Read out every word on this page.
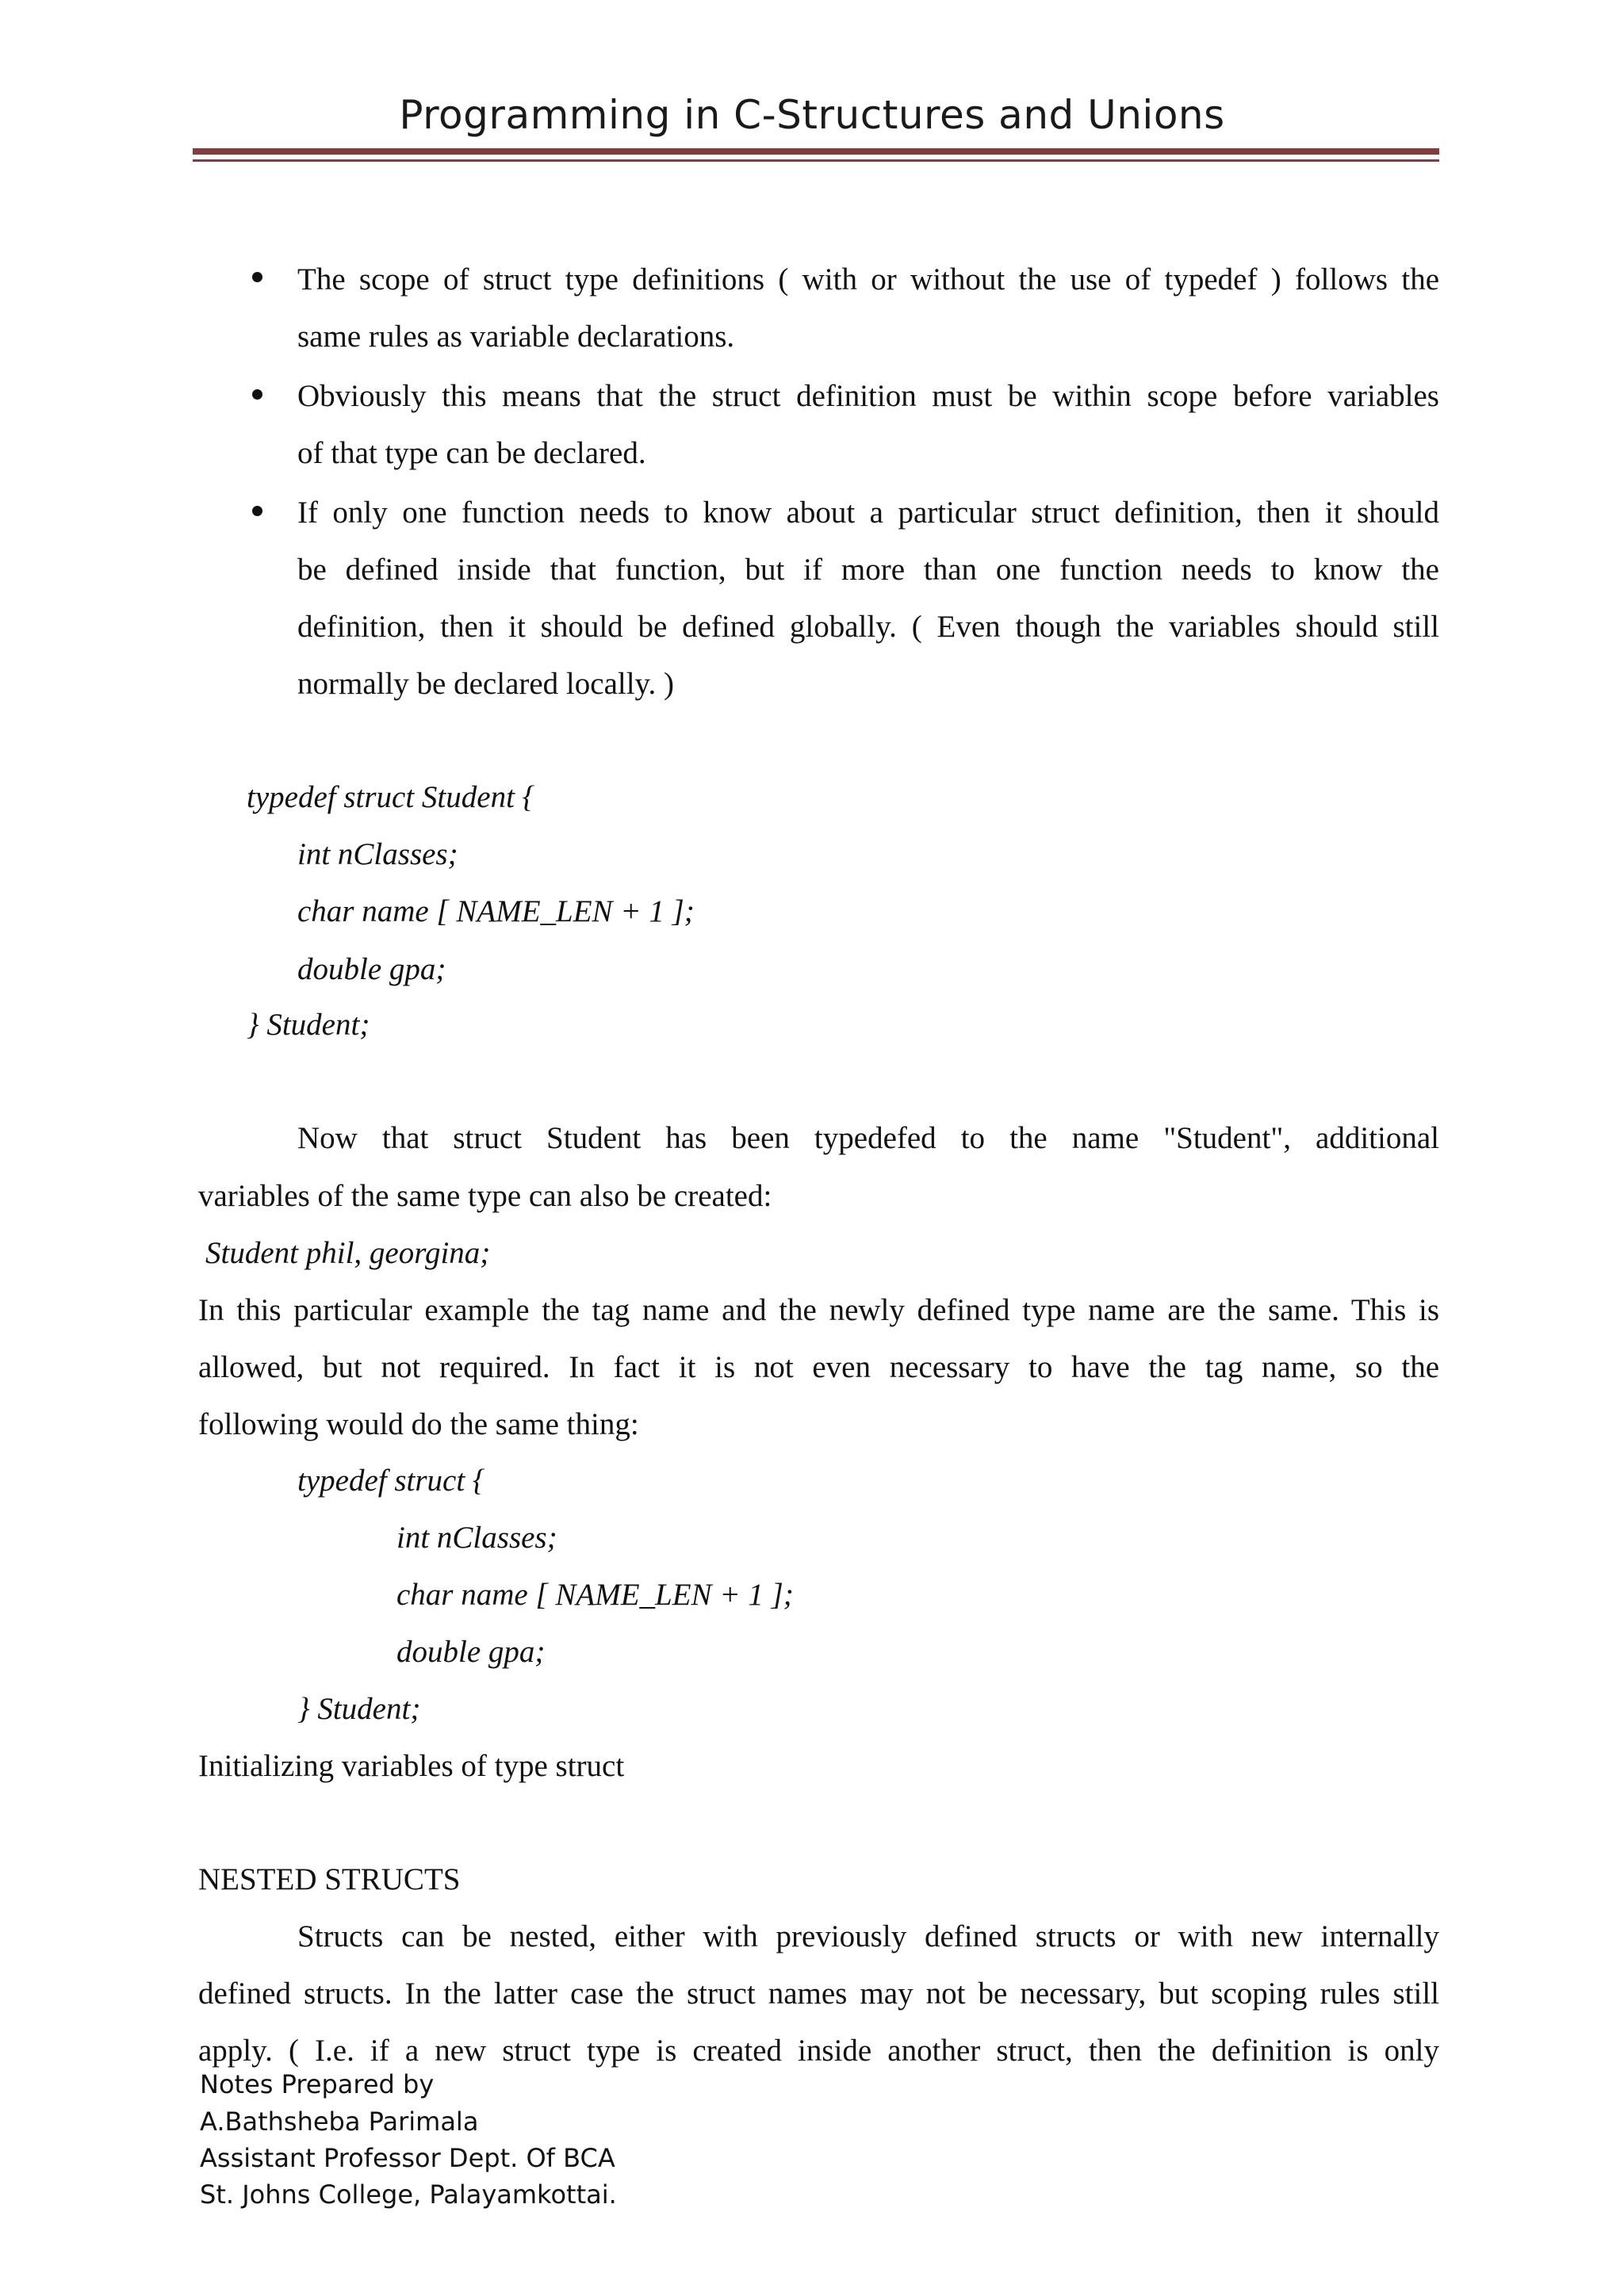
Programming in C-Structures and Unions
The scope of struct type definitions ( with or without the use of typedef ) follows the
same rules as variable declarations.
Obviously this means that the struct definition must be within scope before variables
of that type can be declared.
If only one function needs to know about a particular struct definition, then it should
be defined inside that function, but if more than one function needs to know the
definition, then it should be defined globally. ( Even though the variables should still
normally be declared locally. )
typedef struct Student {
int nClasses;
char name [ NAME_LEN + 1 ];
double gpa;
} Student;
Now that struct Student has been typedefed to the name "Student", additional
variables of the same type can also be created:
Student phil, georgina;
In this particular example the tag name and the newly defined type name are the same. This is
allowed, but not required. In fact it is not even necessary to have the tag name, so the
following would do the same thing:
typedef struct {
int nClasses;
char name [ NAME_LEN + 1 ];
double gpa;
} Student;
Initializing variables of type struct
NESTED STRUCTS
Structs can be nested, either with previously defined structs or with new internally
defined structs. In the latter case the struct names may not be necessary, but scoping rules still
apply. ( I.e. if a new struct type is created inside another struct, then the definition is only
Notes Prepared by
A.Bathsheba Parimala
Assistant Professor Dept. Of BCA
St. Johns College, Palayamkottai.
